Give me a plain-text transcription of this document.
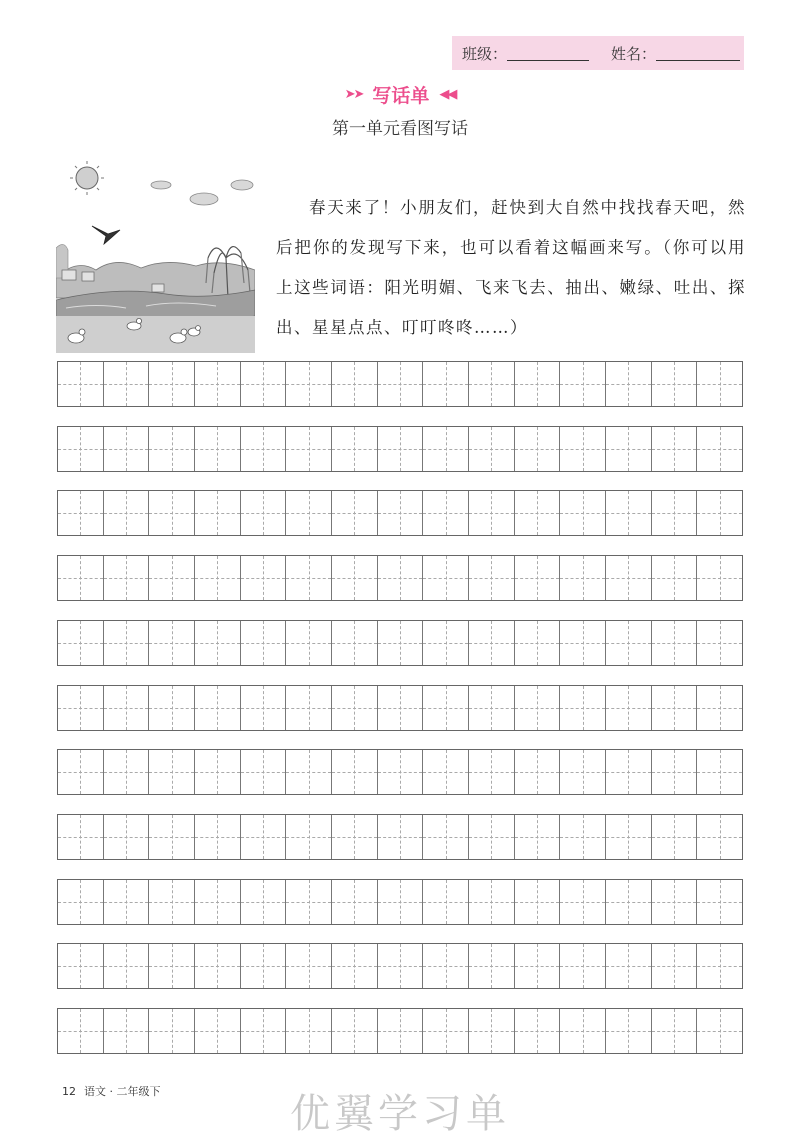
班级：	姓名：
➤➤ 写话单 ◀◀
第一单元看图写话

春天来了！小朋友们，赶快到大自然中找找春天吧，然后把你的发现写下来，也可以看着这幅画来写。（你可以用上这些词语：阳光明媚、飞来飞去、抽出、嫩绿、吐出、探出、星星点点、叮叮咚咚……）

12 语文 · 二年级下	优翼学习单
